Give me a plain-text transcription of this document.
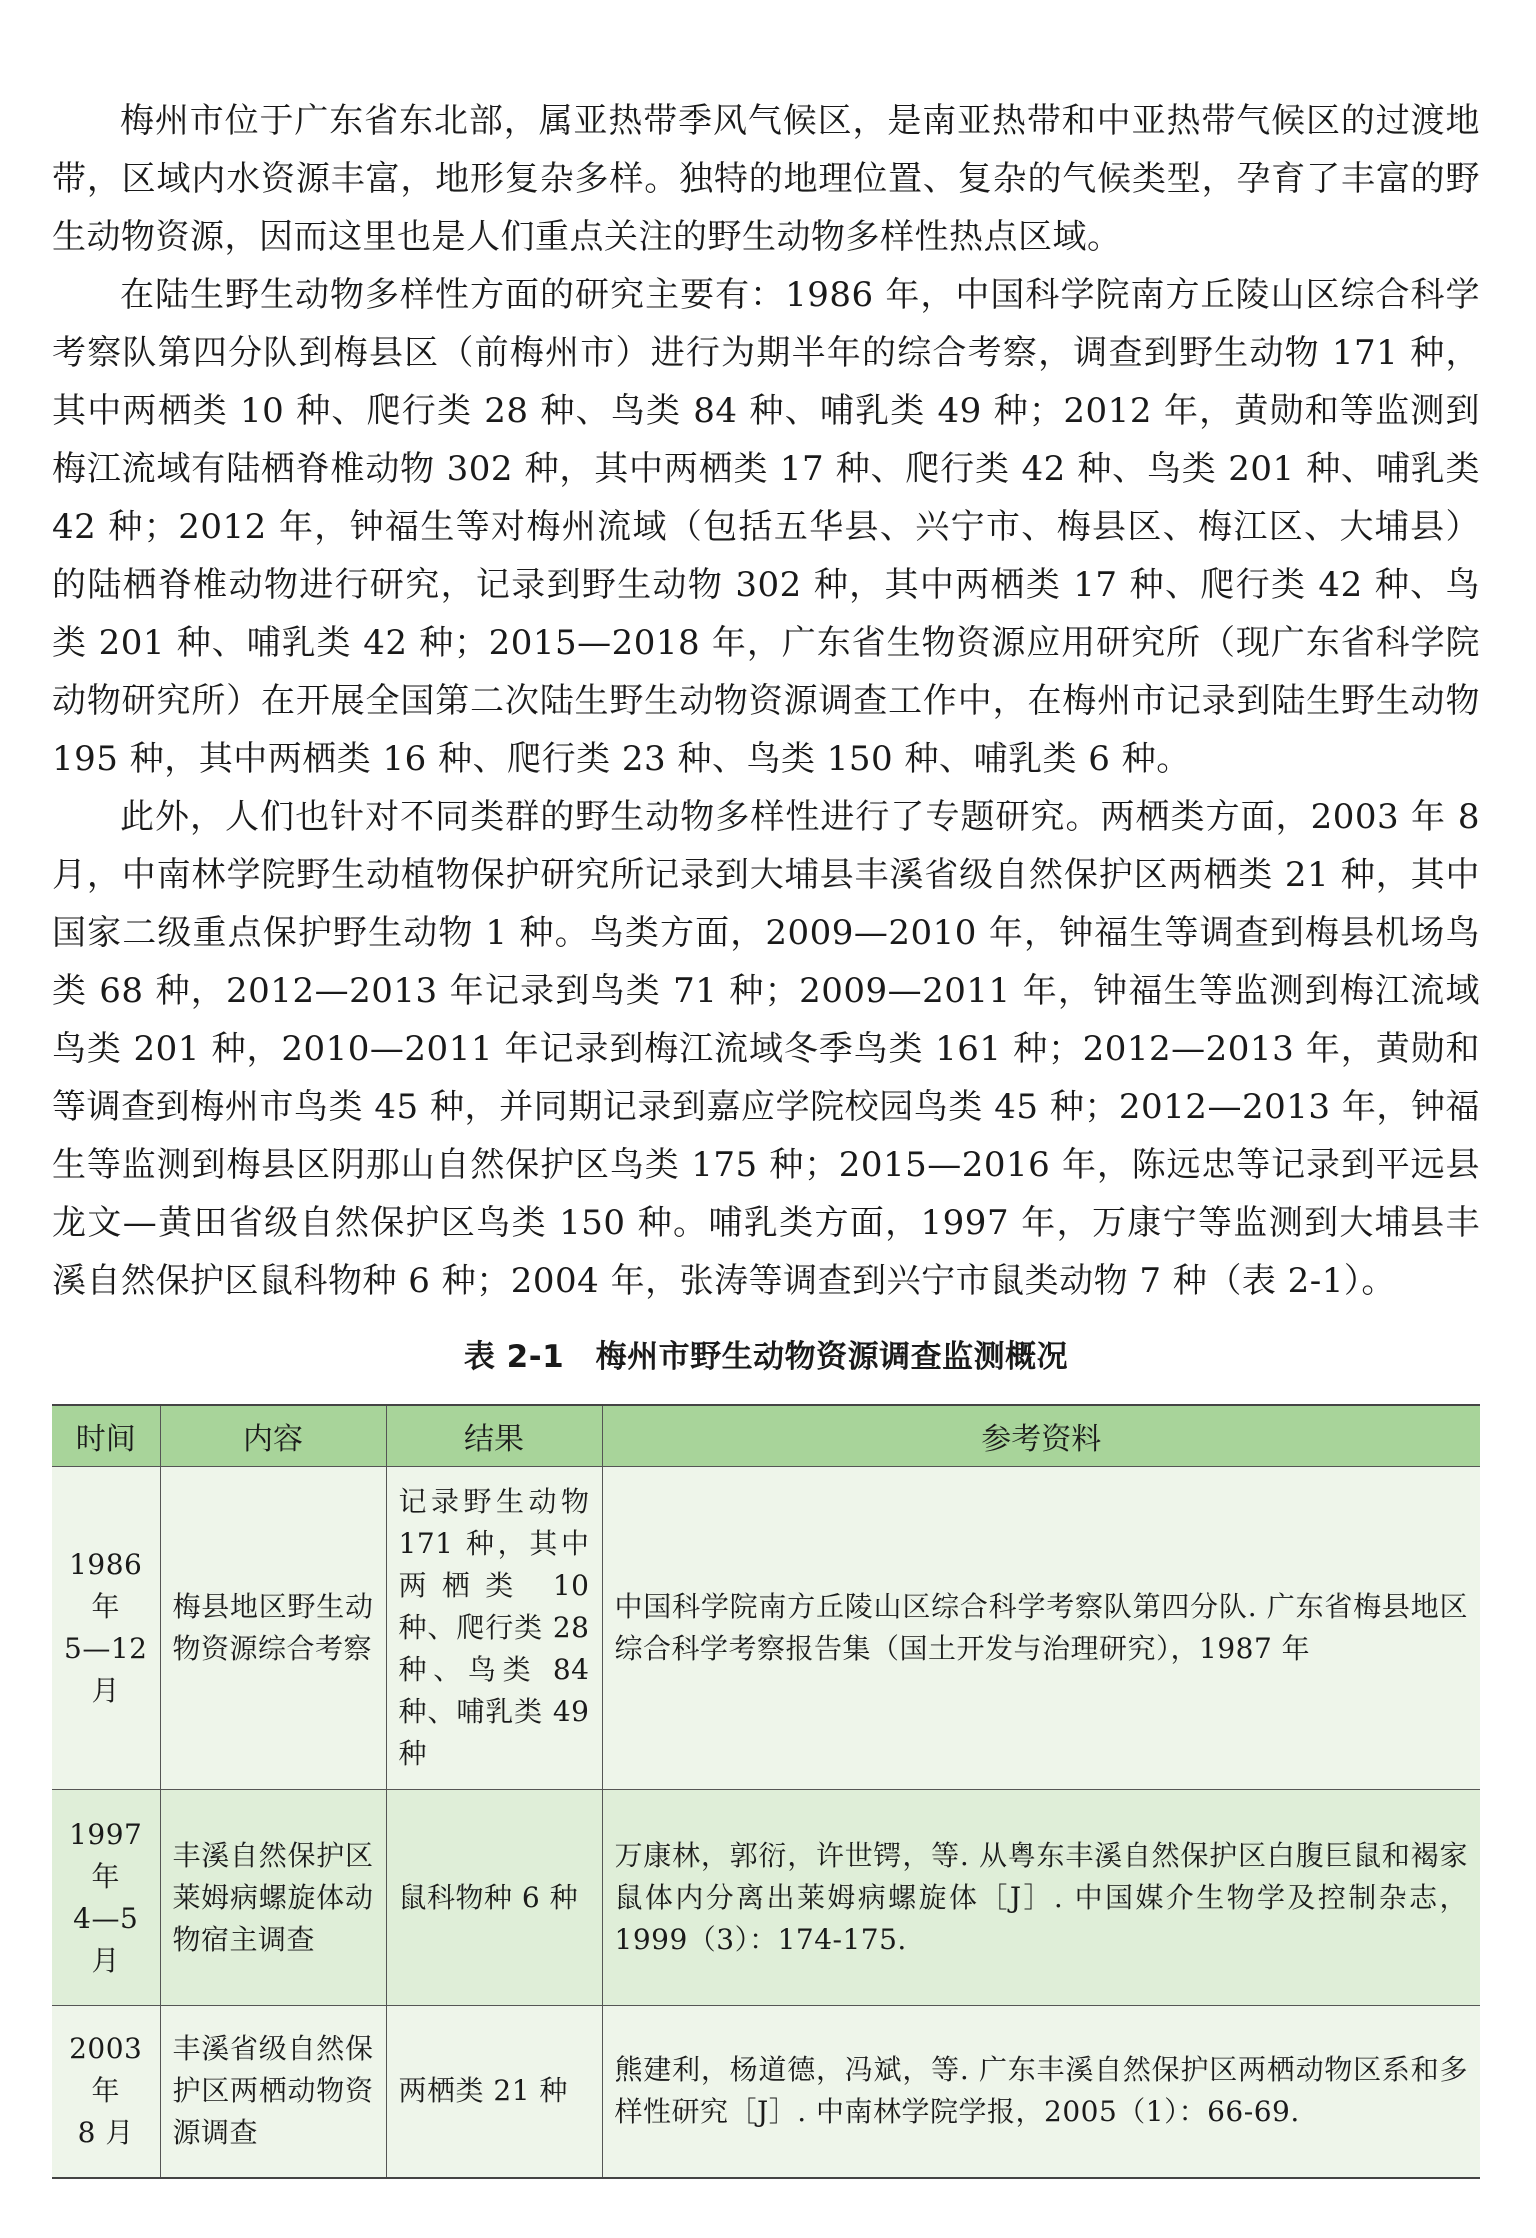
梅州市位于广东省东北部，属亚热带季风气候区，是南亚热带和中亚热带气候区的过渡地带，区域内水资源丰富，地形复杂多样。独特的地理位置、复杂的气候类型，孕育了丰富的野生动物资源，因而这里也是人们重点关注的野生动物多样性热点区域。

在陆生野生动物多样性方面的研究主要有：1986 年，中国科学院南方丘陵山区综合科学考察队第四分队到梅县区（前梅州市）进行为期半年的综合考察，调查到野生动物 171 种，其中两栖类 10 种、爬行类 28 种、鸟类 84 种、哺乳类 49 种；2012 年，黄勋和等监测到梅江流域有陆栖脊椎动物 302 种，其中两栖类 17 种、爬行类 42 种、鸟类 201 种、哺乳类 42 种；2012 年，钟福生等对梅州流域（包括五华县、兴宁市、梅县区、梅江区、大埔县）的陆栖脊椎动物进行研究，记录到野生动物 302 种，其中两栖类 17 种、爬行类 42 种、鸟类 201 种、哺乳类 42 种；2015—2018 年，广东省生物资源应用研究所（现广东省科学院动物研究所）在开展全国第二次陆生野生动物资源调查工作中，在梅州市记录到陆生野生动物 195 种，其中两栖类 16 种、爬行类 23 种、鸟类 150 种、哺乳类 6 种。

此外，人们也针对不同类群的野生动物多样性进行了专题研究。两栖类方面，2003 年 8 月，中南林学院野生动植物保护研究所记录到大埔县丰溪省级自然保护区两栖类 21 种，其中国家二级重点保护野生动物 1 种。鸟类方面，2009—2010 年，钟福生等调查到梅县机场鸟类 68 种，2012—2013 年记录到鸟类 71 种；2009—2011 年，钟福生等监测到梅江流域鸟类 201 种，2010—2011 年记录到梅江流域冬季鸟类 161 种；2012—2013 年，黄勋和等调查到梅州市鸟类 45 种，并同期记录到嘉应学院校园鸟类 45 种；2012—2013 年，钟福生等监测到梅县区阴那山自然保护区鸟类 175 种；2015—2016 年，陈远忠等记录到平远县龙文—黄田省级自然保护区鸟类 150 种。哺乳类方面，1997 年，万康宁等监测到大埔县丰溪自然保护区鼠科物种 6 种；2004 年，张涛等调查到兴宁市鼠类动物 7 种（表 2-1）。

表 2-1　梅州市野生动物资源调查监测概况
时间	内容	结果	参考资料
1986 年
5—12 月	梅县地区野生动物资源综合考察	记录野生动物 171 种，其中两栖类 10 种、爬行类 28 种、鸟类 84 种、哺乳类 49 种	中国科学院南方丘陵山区综合科学考察队第四分队. 广东省梅县地区综合科学考察报告集（国土开发与治理研究），1987 年
1997 年
4—5 月	丰溪自然保护区莱姆病螺旋体动物宿主调查	鼠科物种 6 种	万康林，郭衍，许世锷，等. 从粤东丰溪自然保护区白腹巨鼠和褐家鼠体内分离出莱姆病螺旋体［J］. 中国媒介生物学及控制杂志，1999（3）：174-175.
2003 年
8 月	丰溪省级自然保护区两栖动物资源调查	两栖类 21 种	熊建利，杨道德，冯斌，等. 广东丰溪自然保护区两栖动物区系和多样性研究［J］. 中南林学院学报，2005（1）：66-69.
